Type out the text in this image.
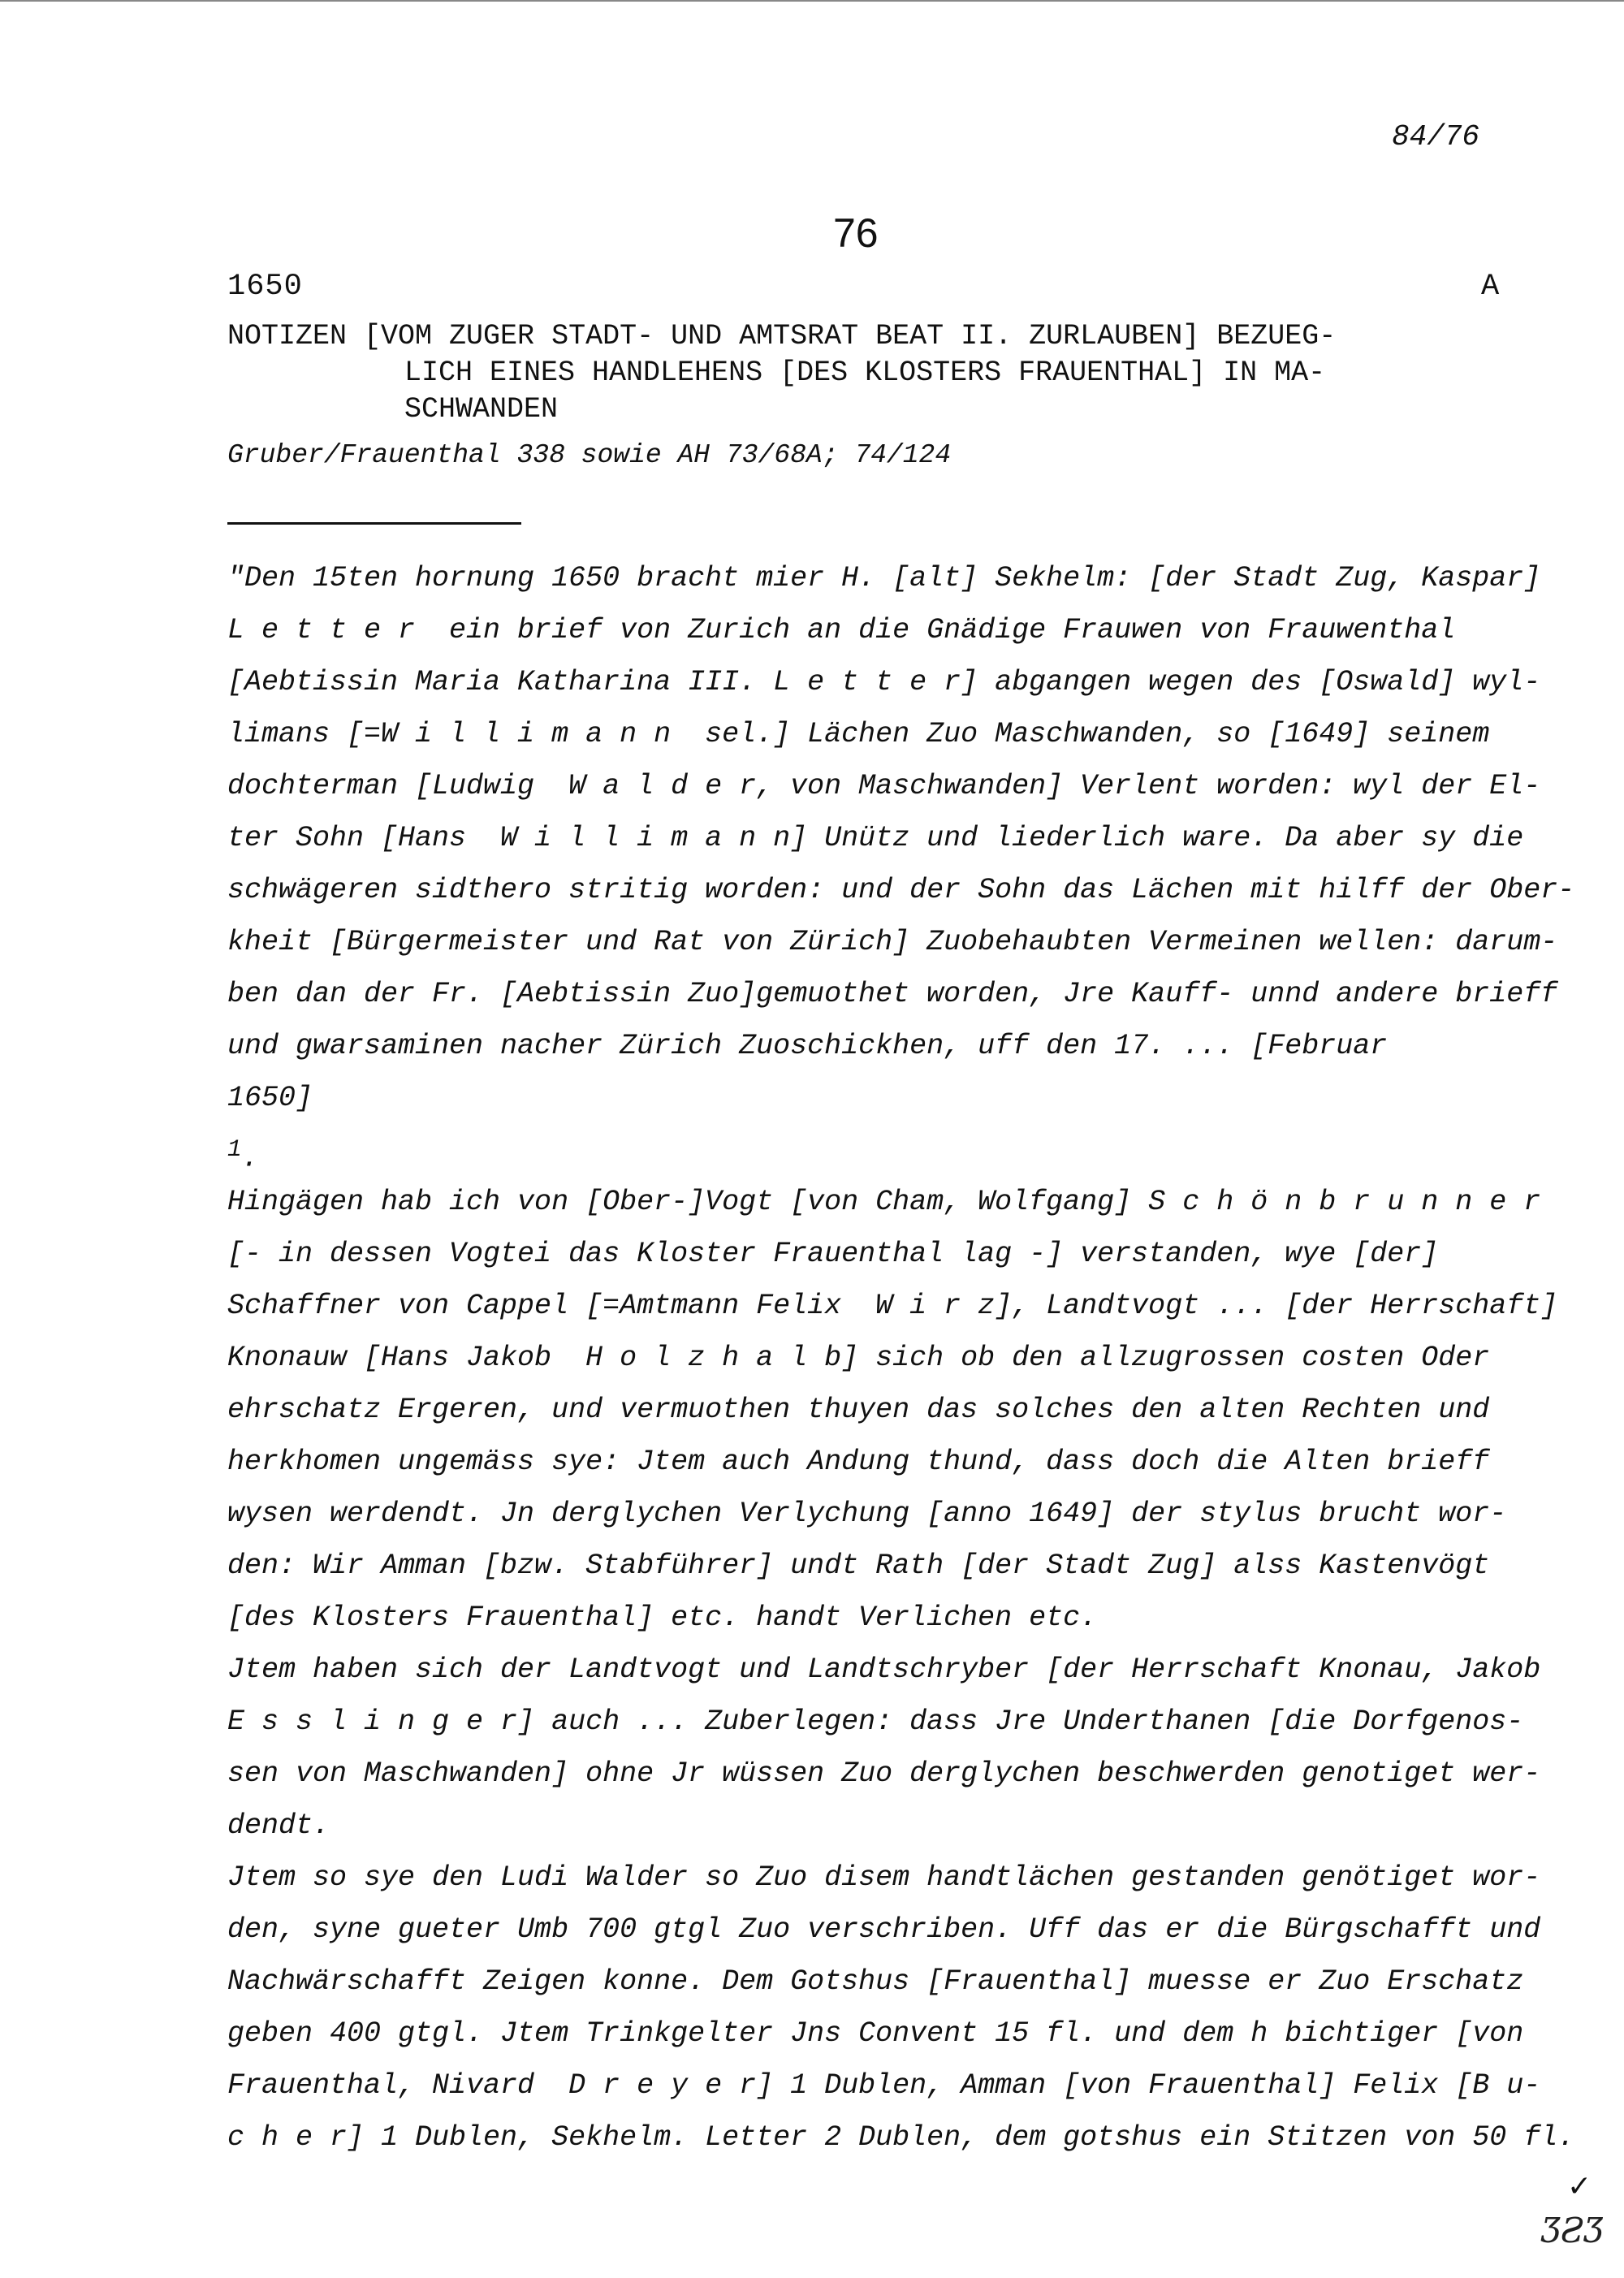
84/76
76
1650	A
NOTIZEN [VOM ZUGER STADT- UND AMTSRAT BEAT II. ZURLAUBEN] BEZUEG-
LICH EINES HANDLEHENS [DES KLOSTERS FRAUENTHAL] IN MA-
SCHWANDEN
Gruber/Frauenthal 338 sowie AH 73/68A; 74/124
"Den 15ten hornung 1650 bracht mier H. [alt] Sekhelm: [der Stadt Zug, Kaspar]
L e t t e r  ein brief von Zurich an die Gnädige Frauwen von Frauwenthal
[Aebtissin Maria Katharina III. L e t t e r] abgangen wegen des [Oswald] wyl-
limans [=W i l l i m a n n  sel.] Lächen Zuo Maschwanden, so [1649] seinem
dochterman [Ludwig  W a l d e r, von Maschwanden] Verlent worden: wyl der El-
ter Sohn [Hans  W i l l i m a n n] Unütz und liederlich ware. Da aber sy die
schwägeren sidthero stritig worden: und der Sohn das Lächen mit hilff der Ober-
kheit [Bürgermeister und Rat von Zürich] Zuobehaubten Vermeinen wellen: darum-
ben dan der Fr. [Aebtissin Zuo]gemuothet worden, Jre Kauff- unnd andere brieff
und gwarsaminen nacher Zürich Zuoschickhen, uff den 17. ... [Februar
1650]
$^1$.
Hingägen hab ich von [Ober-]Vogt [von Cham, Wolfgang] S c h ö n b r u n n e r
[- in dessen Vogtei das Kloster Frauenthal lag -] verstanden, wye [der]
Schaffner von Cappel [=Amtmann Felix  W i r z], Landtvogt ... [der Herrschaft]
Knonauw [Hans Jakob  H o l z h a l b] sich ob den allzugrossen costen Oder
ehrschatz Ergeren, und vermuothen thuyen das solches den alten Rechten und
herkhomen ungemäss sye: Jtem auch Andung thund, dass doch die Alten brieff
wysen werdendt. Jn derglychen Verlychung [anno 1649] der stylus brucht wor-
den: Wir Amman [bzw. Stabführer] undt Rath [der Stadt Zug] alss Kastenvögt
[des Klosters Frauenthal] etc. handt Verlichen etc.
Jtem haben sich der Landtvogt und Landtschryber [der Herrschaft Knonau, Jakob
E s s l i n g e r] auch ... Zuberlegen: dass Jre Underthanen [die Dorfgenos-
sen von Maschwanden] ohne Jr wüssen Zuo derglychen beschwerden genotiget wer-
dendt.
Jtem so sye den Ludi Walder so Zuo disem handtlächen gestanden genötiget wor-
den, syne gueter Umb 700 gtgl Zuo verschriben. Uff das er die Bürgschafft und
Nachwärschafft Zeigen konne. Dem Gotshus [Frauenthal] muesse er Zuo Erschatz
geben 400 gtgl. Jtem Trinkgelter Jns Convent 15 fl. und dem h bichtiger [von
Frauenthal, Nivard  D r e y e r] 1 Dublen, Amman [von Frauenthal] Felix [B u-
c h e r] 1 Dublen, Sekhelm. Letter 2 Dublen, dem gotshus ein Stitzen von 50 fl.
✓
ƷƧƷ
